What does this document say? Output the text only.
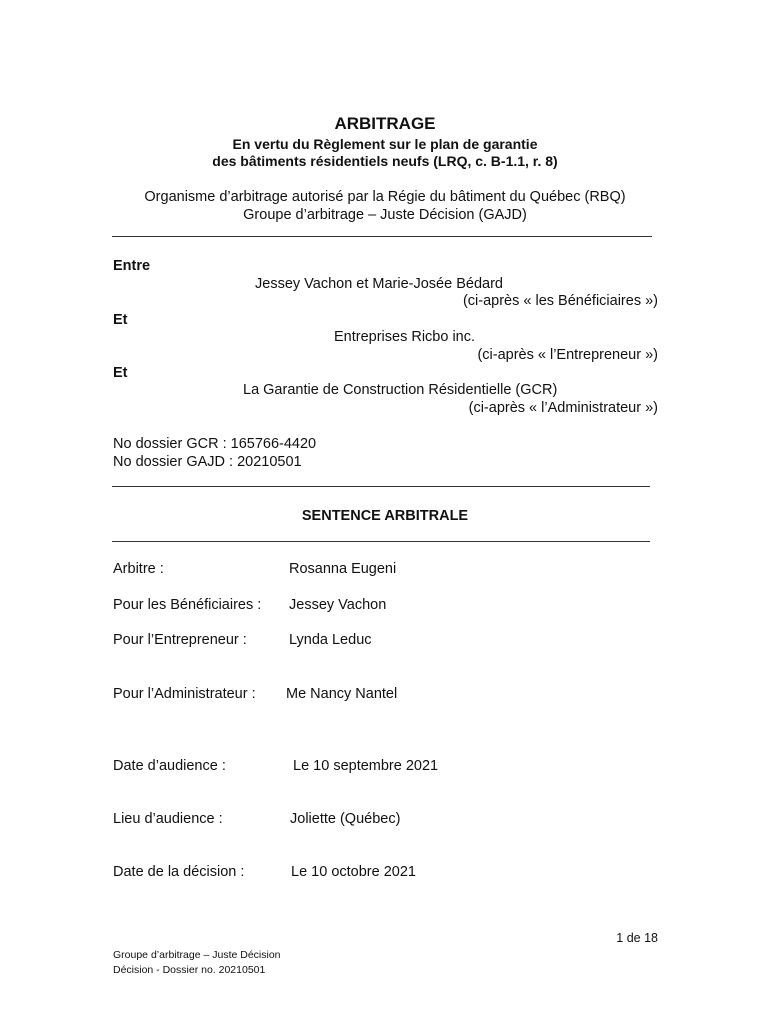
ARBITRAGE
En vertu du Règlement sur le plan de garantie
des bâtiments résidentiels neufs (LRQ, c. B-1.1, r. 8)
Organisme d’arbitrage autorisé par la Régie du bâtiment du Québec (RBQ)
Groupe d’arbitrage – Juste Décision (GAJD)
Entre
Jessey Vachon et Marie-Josée Bédard
(ci-après « les Bénéficiaires »)
Et
Entreprises Ricbo inc.
(ci-après « l’Entrepreneur »)
Et
La Garantie de Construction Résidentielle (GCR)
(ci-après « l’Administrateur »)
No dossier GCR : 165766-4420
No dossier GAJD : 20210501
SENTENCE ARBITRALE
Arbitre :	Rosanna Eugeni
Pour les Bénéficiaires : Jessey Vachon
Pour l’Entrepreneur :	Lynda Leduc
Pour l’Administrateur : Me Nancy Nantel
Date d’audience :	Le 10 septembre 2021
Lieu d’audience :	Joliette (Québec)
Date de la décision :	Le 10 octobre 2021
1 de 18
Groupe d’arbitrage – Juste Décision
Décision - Dossier no. 20210501
